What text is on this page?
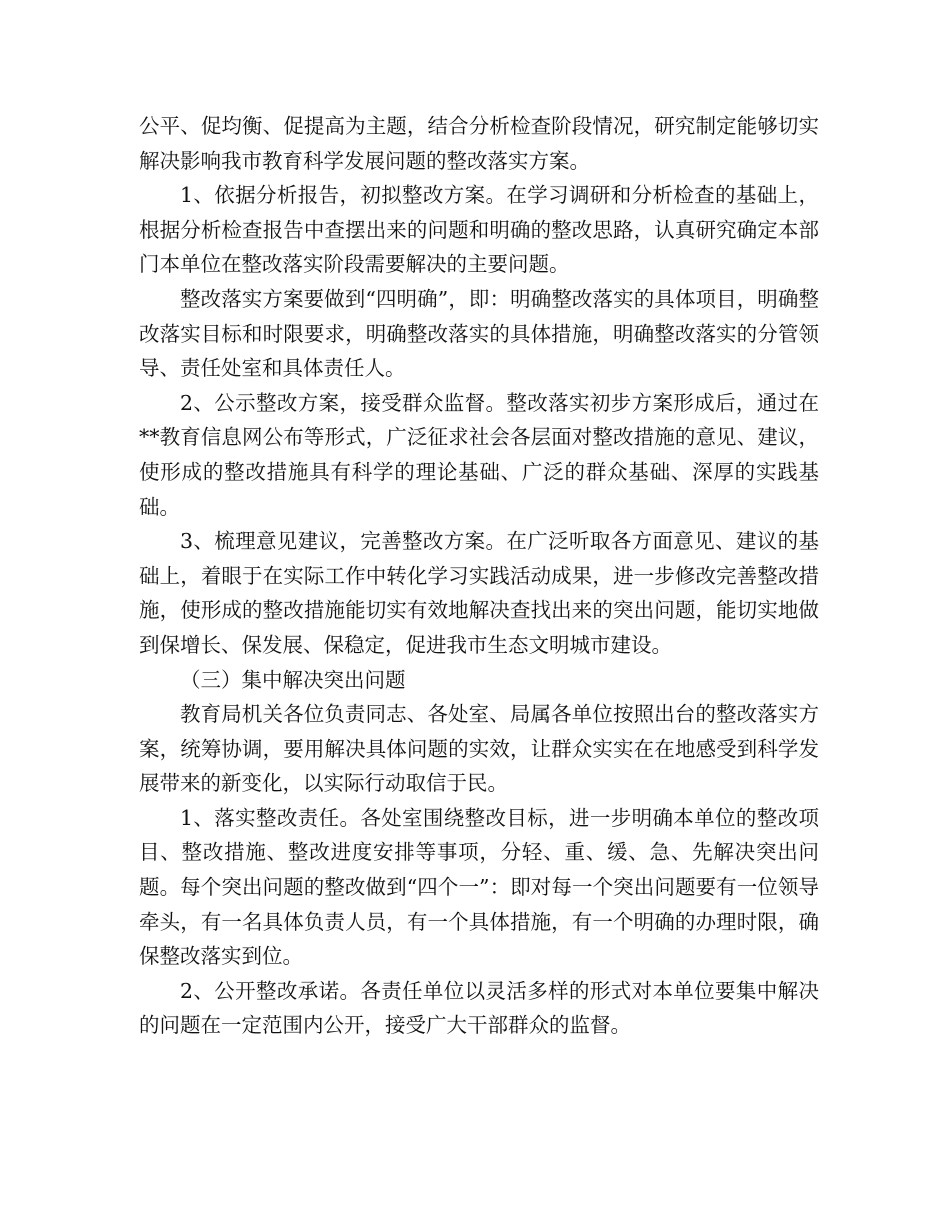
公平、促均衡、促提高为主题，结合分析检查阶段情况，研究制定能够切实解决影响我市教育科学发展问题的整改落实方案。

1、依据分析报告，初拟整改方案。在学习调研和分析检查的基础上，根据分析检查报告中查摆出来的问题和明确的整改思路，认真研究确定本部门本单位在整改落实阶段需要解决的主要问题。

整改落实方案要做到“四明确”，即：明确整改落实的具体项目，明确整改落实目标和时限要求，明确整改落实的具体措施，明确整改落实的分管领导、责任处室和具体责任人。

2、公示整改方案，接受群众监督。整改落实初步方案形成后，通过在**教育信息网公布等形式，广泛征求社会各层面对整改措施的意见、建议，使形成的整改措施具有科学的理论基础、广泛的群众基础、深厚的实践基础。

3、梳理意见建议，完善整改方案。在广泛听取各方面意见、建议的基础上，着眼于在实际工作中转化学习实践活动成果，进一步修改完善整改措施，使形成的整改措施能切实有效地解决查找出来的突出问题，能切实地做到保增长、保发展、保稳定，促进我市生态文明城市建设。

（三）集中解决突出问题

教育局机关各位负责同志、各处室、局属各单位按照出台的整改落实方案，统筹协调，要用解决具体问题的实效，让群众实实在在地感受到科学发展带来的新变化，以实际行动取信于民。

1、落实整改责任。各处室围绕整改目标，进一步明确本单位的整改项目、整改措施、整改进度安排等事项，分轻、重、缓、急、先解决突出问题。每个突出问题的整改做到“四个一”：即对每一个突出问题要有一位领导牵头，有一名具体负责人员，有一个具体措施，有一个明确的办理时限，确保整改落实到位。

2、公开整改承诺。各责任单位以灵活多样的形式对本单位要集中解决的问题在一定范围内公开，接受广大干部群众的监督。
